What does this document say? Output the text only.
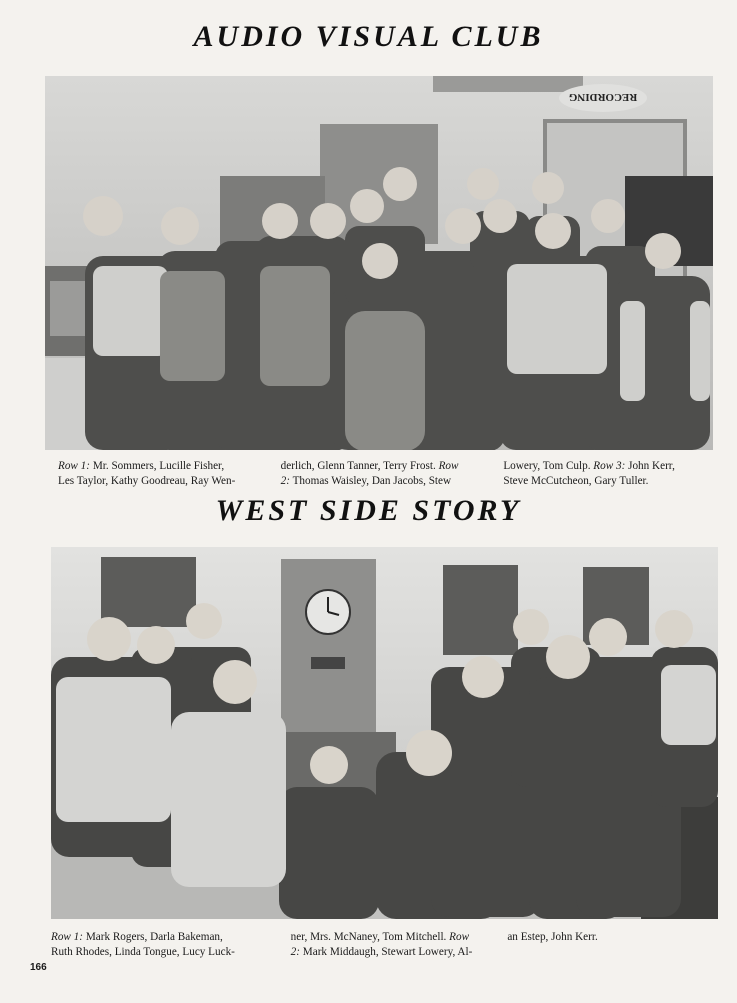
AUDIO VISUAL CLUB
RECORDING
Row 1: Mr. Sommers, Lucille Fisher,
Les Taylor, Kathy Goodreau, Ray Wen-
derlich, Glenn Tanner, Terry Frost. Row
2: Thomas Waisley, Dan Jacobs, Stew
Lowery, Tom Culp. Row 3: John Kerr,
Steve McCutcheon, Gary Tuller.
WEST SIDE STORY
Row 1: Mark Rogers, Darla Bakeman,
Ruth Rhodes, Linda Tongue, Lucy Luck-
ner, Mrs. McNaney, Tom Mitchell. Row
2: Mark Middaugh, Stewart Lowery, Al-
an Estep, John Kerr.
166
